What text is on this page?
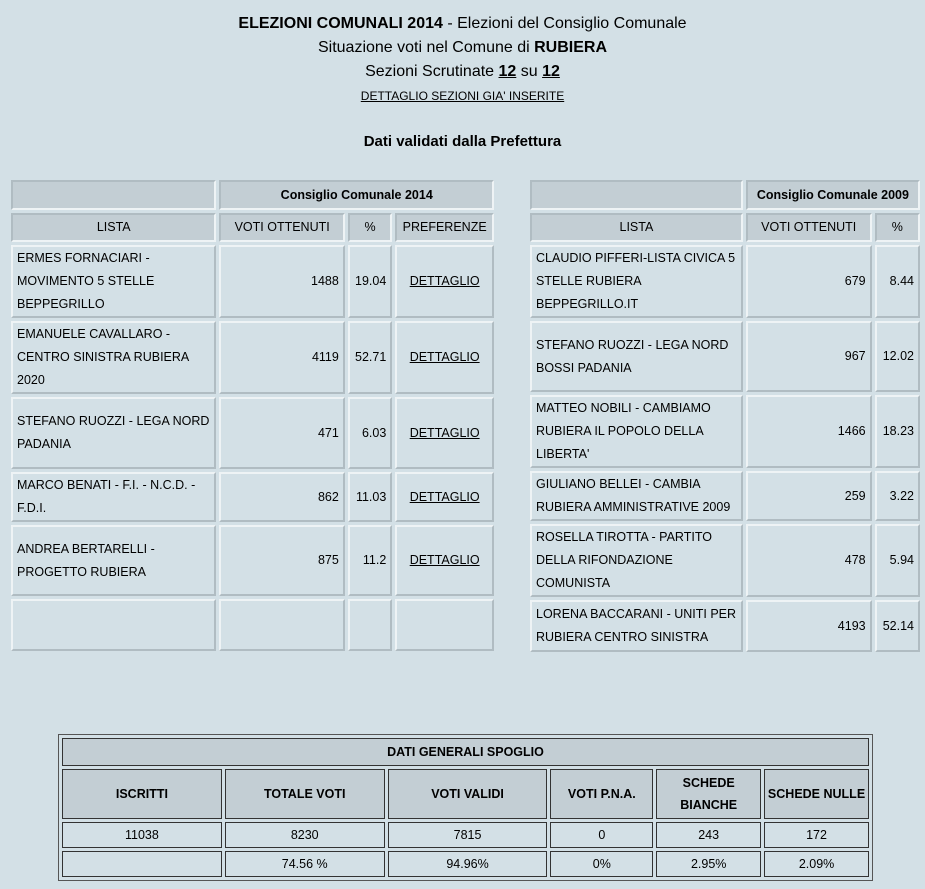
ELEZIONI COMUNALI 2014 - Elezioni del Consiglio Comunale
Situazione voti nel Comune di RUBIERA
Sezioni Scrutinate 12 su 12
DETTAGLIO SEZIONI GIA' INSERITE
Dati validati dalla Prefettura
	Consiglio Comunale 2014		
LISTA	VOTI OTTENUTI	%	PREFERENZE
ERMES FORNACIARI - MOVIMENTO 5 STELLE BEPPEGRILLO	1488	19.04	DETTAGLIO
EMANUELE CAVALLARO - CENTRO SINISTRA RUBIERA 2020	4119	52.71	DETTAGLIO
STEFANO RUOZZI - LEGA NORD PADANIA	471	6.03	DETTAGLIO
MARCO BENATI - F.I. - N.C.D. - F.D.I.	862	11.03	DETTAGLIO
ANDREA BERTARELLI - PROGETTO RUBIERA	875	11.2	DETTAGLIO

	Consiglio Comunale 2009	
LISTA	VOTI OTTENUTI	%
CLAUDIO PIFFERI-LISTA CIVICA 5 STELLE RUBIERA BEPPEGRILLO.IT	679	8.44
STEFANO RUOZZI - LEGA NORD BOSSI PADANIA	967	12.02
MATTEO NOBILI - CAMBIAMO RUBIERA IL POPOLO DELLA LIBERTA'	1466	18.23
GIULIANO BELLEI - CAMBIA RUBIERA AMMINISTRATIVE 2009	259	3.22
ROSELLA TIROTTA - PARTITO DELLA RIFONDAZIONE COMUNISTA	478	5.94
LORENA BACCARANI - UNITI PER RUBIERA CENTRO SINISTRA	4193	52.14
DATI GENERALI SPOGLIO					
ISCRITTI	TOTALE VOTI	VOTI VALIDI	VOTI P.N.A.	SCHEDE BIANCHE	SCHEDE NULLE
11038	8230	7815	0	243	172
	74.56 %	94.96%	0%	2.95%	2.09%
